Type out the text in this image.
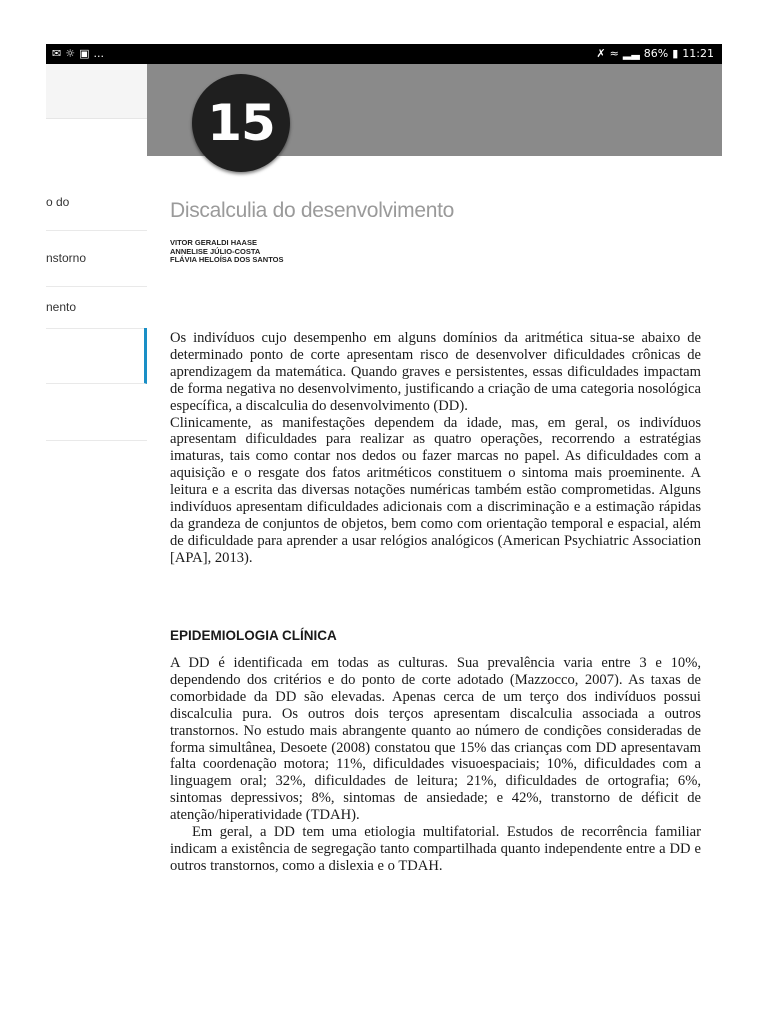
✉ ☼ ▣ ...	✗ ≈ ▂▃ 86% ▮ 11:21
o do
nstorno
nento
15
Discalculia do desenvolvimento
VITOR GERALDI HAASE
ANNELISE JÚLIO-COSTA
FLÁVIA HELOÍSA DOS SANTOS

Os indivíduos cujo desempenho em alguns domínios da aritmética situa-se abaixo de determinado ponto de corte apresentam risco de desenvolver dificuldades crônicas de aprendizagem da matemática. Quando graves e persistentes, essas dificuldades impactam de forma negativa no desenvolvimento, justificando a criação de uma categoria nosológica específica, a discalculia do desenvolvimento (DD).

Clinicamente, as manifestações dependem da idade, mas, em geral, os indivíduos apresentam dificuldades para realizar as quatro operações, recorrendo a estratégias imaturas, tais como contar nos dedos ou fazer marcas no papel. As dificuldades com a aquisição e o resgate dos fatos aritméticos constituem o sintoma mais proeminente. A leitura e a escrita das diversas notações numéricas também estão comprometidas. Alguns indivíduos apresentam dificuldades adicionais com a discriminação e a estimação rápidas da grandeza de conjuntos de objetos, bem como com orientação temporal e espacial, além de dificuldade para aprender a usar relógios analógicos (American Psychiatric Association [APA], 2013).

EPIDEMIOLOGIA CLÍNICA

A DD é identificada em todas as culturas. Sua prevalência varia entre 3 e 10%, dependendo dos critérios e do ponto de corte adotado (Mazzocco, 2007). As taxas de comorbidade da DD são elevadas. Apenas cerca de um terço dos indivíduos possui discalculia pura. Os outros dois terços apresentam discalculia associada a outros transtornos. No estudo mais abrangente quanto ao número de condições consideradas de forma simultânea, Desoete (2008) constatou que 15% das crianças com DD apresentavam falta coordenação motora; 11%, dificuldades visuoespaciais; 10%, dificuldades com a linguagem oral; 32%, dificuldades de leitura; 21%, dificuldades de ortografia; 6%, sintomas depressivos; 8%, sintomas de ansiedade; e 42%, transtorno de déficit de atenção/hiperatividade (TDAH).

Em geral, a DD tem uma etiologia multifatorial. Estudos de recorrência familiar indicam a existência de segregação tanto compartilhada quanto independente entre a DD e outros transtornos, como a dislexia e o TDAH.
